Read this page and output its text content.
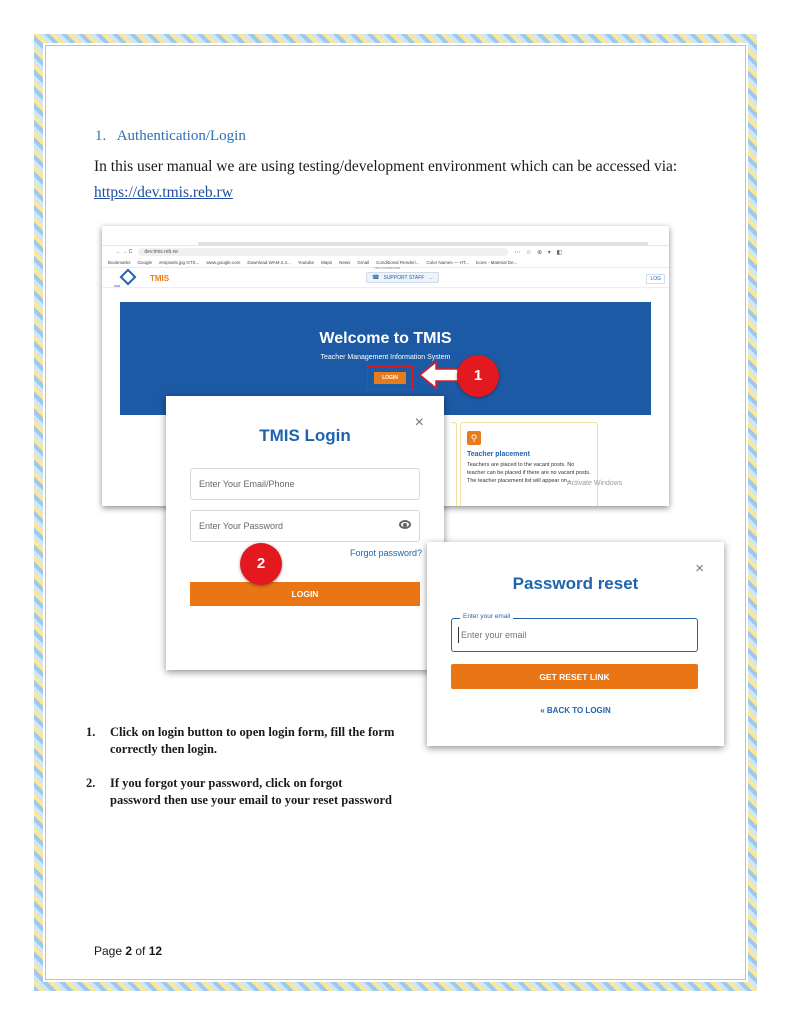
1. Authentication/Login
In this user manual we are using testing/development environment which can be accessed via:
https://dev.tmis.reb.rw
← → C	dev.tmis.reb.rw	⋯ ☆ ⊕ ▾ ◧
Bookmarks Google zenpixels.jpg GTS... www.google.com Download WAM 2.4... Youtube Maps News Gmail Conditional Renderi... Color Names — HT... Icons - Material De...
REB
TMIS
TMS DASHBOARD
☎ SUPPORT STAFF →	LOG
Welcome to TMIS
Teacher Management Information System
LOGIN
⚲
Teacher placement
Teachers are placed to the vacant posts. No teacher can be placed if there are no vacant posts. The teacher placement list will appear on...
Activate Windows
1
×
TMIS Login
Enter Your Email/Phone
Enter Your Password
Forgot password?
LOGIN
2	×
Password reset
Enter your email
Enter your email
GET RESET LINK
« BACK TO LOGIN
1.	Click on login button to open login form, fill the form correctly then login.
2.	If you forgot your password, click on forgot password then use your email to your reset password
Page 2 of 12
